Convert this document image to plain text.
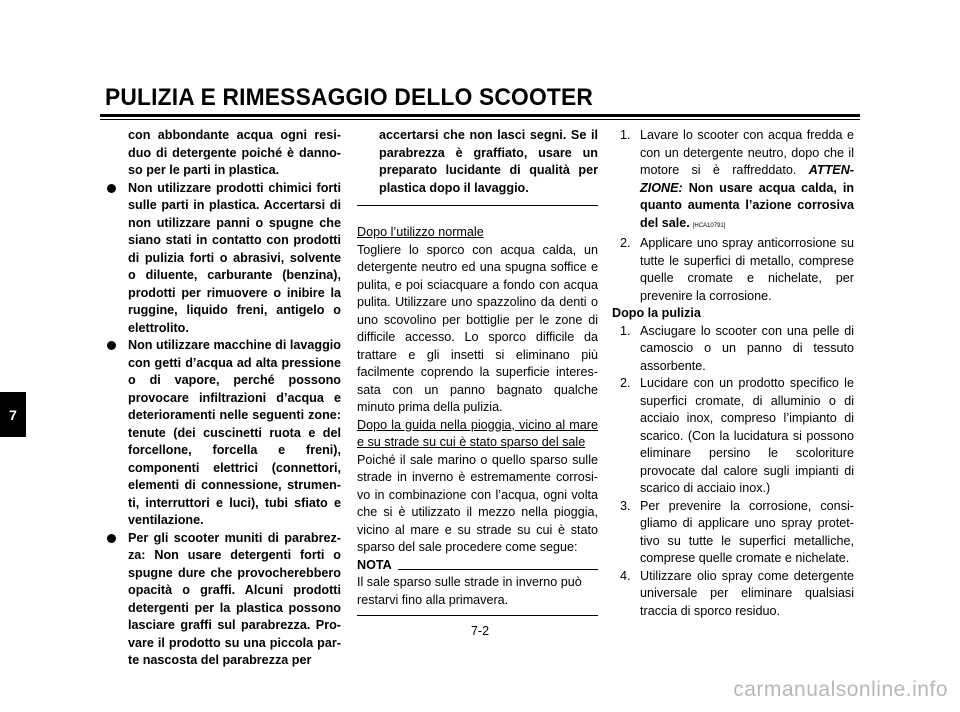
PULIZIA E RIMESSAGGIO DELLO SCOOTER
7

con abbondante acqua ogni residuo di detergente poiché è dannoso per le parti in plastica.

Non utilizzare prodotti chimici forti sulle parti in plastica. Accertarsi di non utilizzare panni o spugne che siano stati in contatto con prodotti di pulizia forti o abrasivi, solvente o diluente, carburante (benzina), prodotti per rimuovere o inibire la ruggine, liquido freni, antigelo o elettrolito.

Non utilizzare macchine di lavaggio con getti d’acqua ad alta pressione o di vapore, perché possono provocare infiltrazioni d’acqua e deterioramenti nelle seguenti zone: tenute (dei cuscinetti ruota e del forcellone, forcella e freni), componenti elettrici (connettori, elementi di connessione, strumenti, interruttori e luci), tubi sfiato e ventilazione.

Per gli scooter muniti di parabrezza: Non usare detergenti forti o spugne dure che provocherebbero opacità o graffi. Alcuni prodotti detergenti per la plastica possono lasciare graffi sul parabrezza. Provare il prodotto su una piccola parte nascosta del parabrezza per

accertarsi che non lasci segni. Se il parabrezza è graffiato, usare un preparato lucidante di qualità per plastica dopo il lavaggio.

Dopo l’utilizzo normale

Togliere lo sporco con acqua calda, un detergente neutro ed una spugna soffice e pulita, e poi sciacquare a fondo con acqua pulita. Utilizzare uno spazzolino da denti o uno scovolino per bottiglie per le zone di difficile accesso. Lo sporco difficile da trattare e gli insetti si eliminano più facilmente coprendo la superficie interessata con un panno bagnato qualche minuto prima della pulizia.

Dopo la guida nella pioggia, vicino al mare e su strade su cui è stato sparso del sale

Poiché il sale marino o quello sparso sulle strade in inverno è estremamente corrosivo in combinazione con l’acqua, ogni volta che si è utilizzato il mezzo nella pioggia, vicino al mare e su strade su cui è stato sparso del sale procedere come segue:

NOTA

Il sale sparso sulle strade in inverno può restarvi fino alla primavera.

1. Lavare lo scooter con acqua fredda e con un detergente neutro, dopo che il motore si è raffreddato. ATTENZIONE: Non usare acqua calda, in quanto aumenta l’azione corrosiva del sale. [HCA10791]

2. Applicare uno spray anticorrosione su tutte le superfici di metallo, comprese quelle cromate e nichelate, per prevenire la corrosione.

Dopo la pulizia

1. Asciugare lo scooter con una pelle di camoscio o un panno di tessuto assorbente.

2. Lucidare con un prodotto specifico le superfici cromate, di alluminio o di acciaio inox, compreso l’impianto di scarico. (Con la lucidatura si possono eliminare persino le scoloriture provocate dal calore sugli impianti di scarico di acciaio inox.)

3. Per prevenire la corrosione, consigliamo di applicare uno spray protettivo su tutte le superfici metalliche, comprese quelle cromate e nichelate.

4. Utilizzare olio spray come detergente universale per eliminare qualsiasi traccia di sporco residuo.

7-2
carmanualsonline.info
